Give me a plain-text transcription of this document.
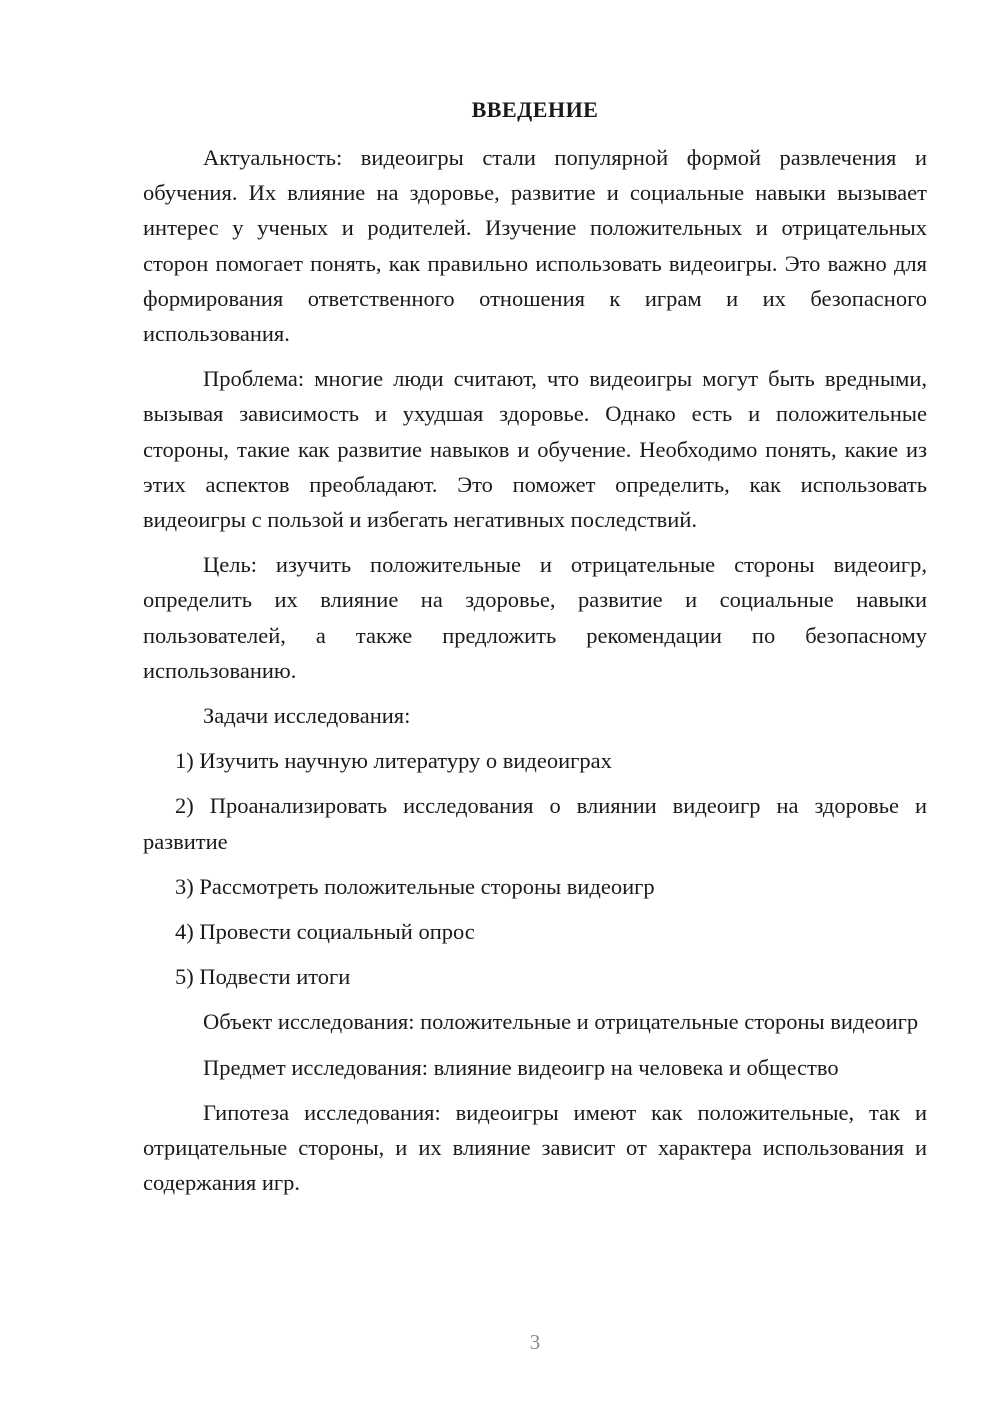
ВВЕДЕНИЕ

Актуальность: видеоигры стали популярной формой развлечения и обучения. Их влияние на здоровье, развитие и социальные навыки вызывает интерес у ученых и родителей. Изучение положительных и отрицательных сторон помогает понять, как правильно использовать видеоигры. Это важно для формирования ответственного отношения к играм и их безопасного использования.

Проблема: многие люди считают, что видеоигры могут быть вредными, вызывая зависимость и ухудшая здоровье. Однако есть и положительные стороны, такие как развитие навыков и обучение. Необходимо понять, какие из этих аспектов преобладают. Это поможет определить, как использовать видеоигры с пользой и избегать негативных последствий.

Цель: изучить положительные и отрицательные стороны видеоигр, определить их влияние на здоровье, развитие и социальные навыки пользователей, а также предложить рекомендации по безопасному использованию.

Задачи исследования:

1) Изучить научную литературу о видеоиграх

2) Проанализировать исследования о влиянии видеоигр на здоровье и развитие

3) Рассмотреть положительные стороны видеоигр

4) Провести социальный опрос

5) Подвести итоги

Объект исследования: положительные и отрицательные стороны видеоигр

Предмет исследования: влияние видеоигр на человека и общество

Гипотеза исследования: видеоигры имеют как положительные, так и отрицательные стороны, и их влияние зависит от характера использования и содержания игр.

3
